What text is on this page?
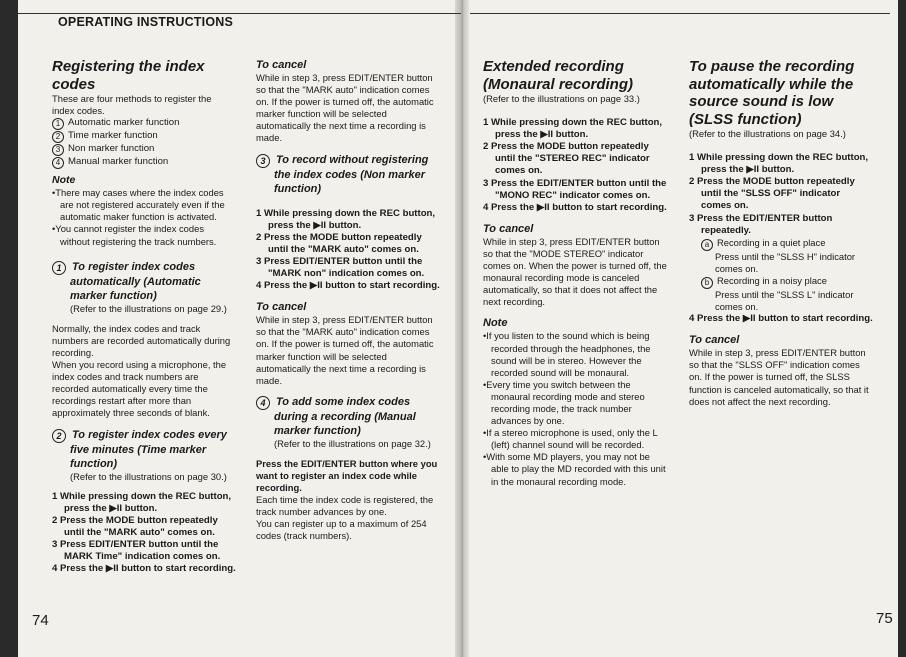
OPERATING INSTRUCTIONS

Registering the index codes

These are four methods to register the index codes.

1 Automatic marker function
2 Time marker function
3 Non marker function
4 Manual marker function

Note

•There may cases where the index codes are not registered accurately even if the automatic maker function is activated.

•You cannot register the index codes without registering the track numbers.

1 To register index codes automatically (Automatic marker function)

(Refer to the illustrations on page 29.)

Normally, the index codes and track numbers are recorded automatically during recording.

When you record using a microphone, the index codes and track numbers are recorded automatically every time the recordings restart after more than approximately three seconds of blank.

2 To register index codes every five minutes (Time marker function)

(Refer to the illustrations on page 30.)

1 While pressing down the REC button, press the ▶II button.
2 Press the MODE button repeatedly until the "MARK auto" comes on.
3 Press EDIT/ENTER button until the MARK Time" indication comes on.
4 Press the ▶II button to start recording.

To cancel

While in step 3, press EDIT/ENTER button so that the "MARK auto" indication comes on. If the power is turned off, the automatic marker function will be selected automatically the next time a recording is made.

3 To record without registering the index codes (Non marker function)

1 While pressing down the REC button, press the ▶II button.
2 Press the MODE button repeatedly until the "MARK auto" comes on.
3 Press EDIT/ENTER button until the "MARK non" indication comes on.
4 Press the ▶II button to start recording.

To cancel

While in step 3, press EDIT/ENTER button so that the "MARK auto" indication comes on. If the power is turned off, the automatic marker function will be selected automatically the next time a recording is made.

4 To add some index codes during a recording (Manual marker function)

(Refer to the illustrations on page 32.)

Press the EDIT/ENTER button where you want to register an index code while recording.

Each time the index code is registered, the track number advances by one.

You can register up to a maximum of 254 codes (track numbers).

74

Extended recording (Monaural recording)

(Refer to the illustrations on page 33.)

1 While pressing down the REC button, press the ▶II button.
2 Press the MODE button repeatedly until the "STEREO REC" indicator comes on.
3 Press the EDIT/ENTER button until the "MONO REC" indicator comes on.
4 Press the ▶II button to start recording.

To cancel

While in step 3, press EDIT/ENTER button so that the "MODE STEREO" indicator comes on. When the power is turned off, the monaural recording mode is canceled automatically, so that it does not affect the next recording.

Note

•If you listen to the sound which is being recorded through the headphones, the sound will be in stereo. However the recorded sound will be monaural.

•Every time you switch between the monaural recording mode and stereo recording mode, the track number advances by one.

•If a stereo microphone is used, only the L (left) channel sound will be recorded.

•With some MD players, you may not be able to play the MD recorded with this unit in the monaural recording mode.

To pause the recording automatically while the source sound is low (SLSS function)

(Refer to the illustrations on page 34.)

1 While pressing down the REC button, press the ▶II button.
2 Press the MODE button repeatedly until the "SLSS OFF" indicator comes on.
3 Press the EDIT/ENTER button repeatedly.

a Recording in a quiet place

Press until the "SLSS H" indicator comes on.

b Recording in a noisy place

Press until the "SLSS L" indicator comes on.

4 Press the ▶II button to start recording.

To cancel

While in step 3, press EDIT/ENTER button so that the "SLSS OFF" indication comes on. If the power is turned off, the SLSS function is canceled automatically, so that it does not affect the next recording.

75
